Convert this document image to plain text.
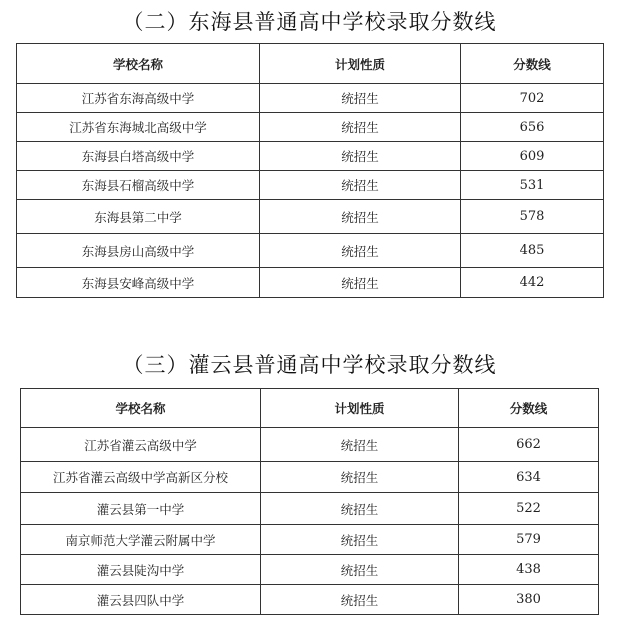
（二）东海县普通高中学校录取分数线
学校名称	计划性质	分数线
江苏省东海高级中学	统招生	702
江苏省东海城北高级中学	统招生	656
东海县白塔高级中学	统招生	609
东海县石榴高级中学	统招生	531
东海县第二中学	统招生	578
东海县房山高级中学	统招生	485
东海县安峰高级中学	统招生	442
（三）灌云县普通高中学校录取分数线
学校名称	计划性质	分数线
江苏省灌云高级中学	统招生	662
江苏省灌云高级中学高新区分校	统招生	634
灌云县第一中学	统招生	522
南京师范大学灌云附属中学	统招生	579
灌云县陡沟中学	统招生	438
灌云县四队中学	统招生	380
